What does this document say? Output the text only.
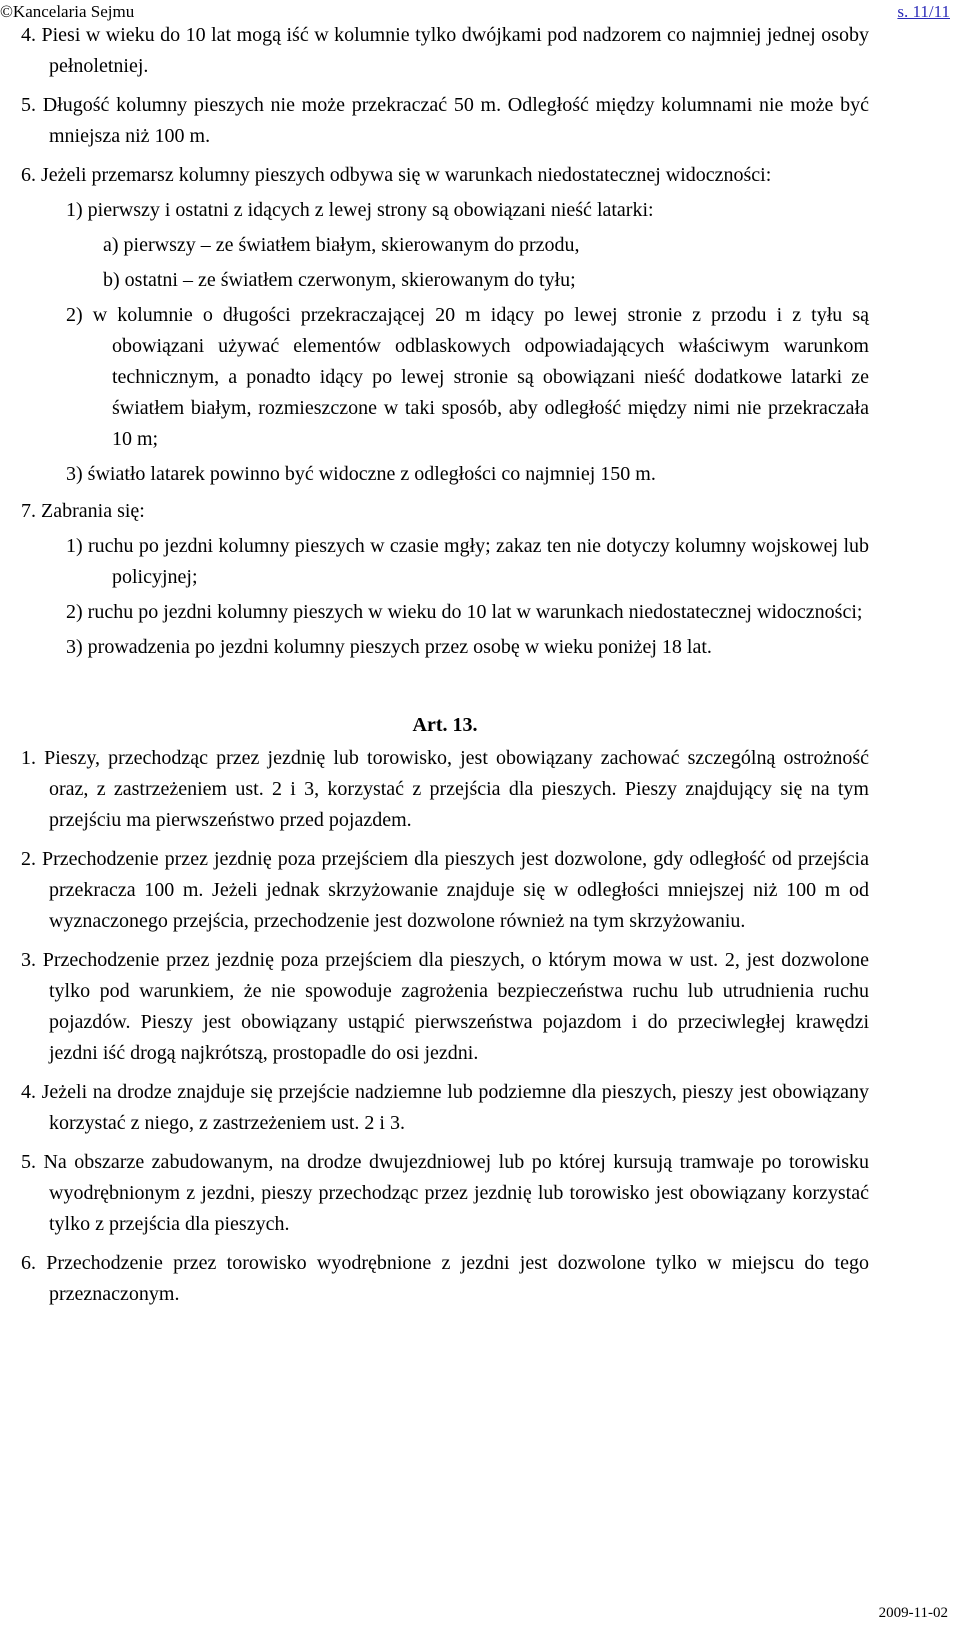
©Kancelaria Sejmu	s. 11/11

4. Piesi w wieku do 10 lat mogą iść w kolumnie tylko dwójkami pod nadzorem co najmniej jednej osoby pełnoletniej.

5. Długość kolumny pieszych nie może przekraczać 50 m. Odległość między kolumnami nie może być mniejsza niż 100 m.

6. Jeżeli przemarsz kolumny pieszych odbywa się w warunkach niedostatecznej widoczności:

1) pierwszy i ostatni z idących z lewej strony są obowiązani nieść latarki:

a) pierwszy – ze światłem białym, skierowanym do przodu,

b) ostatni – ze światłem czerwonym, skierowanym do tyłu;

2) w kolumnie o długości przekraczającej 20 m idący po lewej stronie z przodu i z tyłu są obowiązani używać elementów odblaskowych odpowiadających właściwym warunkom technicznym, a ponadto idący po lewej stronie są obowiązani nieść dodatkowe latarki ze światłem białym, rozmieszczone w taki sposób, aby odległość między nimi nie przekraczała 10 m;

3) światło latarek powinno być widoczne z odległości co najmniej 150 m.

7. Zabrania się:

1) ruchu po jezdni kolumny pieszych w czasie mgły; zakaz ten nie dotyczy kolumny wojskowej lub policyjnej;

2) ruchu po jezdni kolumny pieszych w wieku do 10 lat w warunkach niedostatecznej widoczności;

3) prowadzenia po jezdni kolumny pieszych przez osobę w wieku poniżej 18 lat.

Art. 13.

1. Pieszy, przechodząc przez jezdnię lub torowisko, jest obowiązany zachować szczególną ostrożność oraz, z zastrzeżeniem ust. 2 i 3, korzystać z przejścia dla pieszych. Pieszy znajdujący się na tym przejściu ma pierwszeństwo przed pojazdem.

2. Przechodzenie przez jezdnię poza przejściem dla pieszych jest dozwolone, gdy odległość od przejścia przekracza 100 m. Jeżeli jednak skrzyżowanie znajduje się w odległości mniejszej niż 100 m od wyznaczonego przejścia, przechodzenie jest dozwolone również na tym skrzyżowaniu.

3. Przechodzenie przez jezdnię poza przejściem dla pieszych, o którym mowa w ust. 2, jest dozwolone tylko pod warunkiem, że nie spowoduje zagrożenia bezpieczeństwa ruchu lub utrudnienia ruchu pojazdów. Pieszy jest obowiązany ustąpić pierwszeństwa pojazdom i do przeciwległej krawędzi jezdni iść drogą najkrótszą, prostopadle do osi jezdni.

4. Jeżeli na drodze znajduje się przejście nadziemne lub podziemne dla pieszych, pieszy jest obowiązany korzystać z niego, z zastrzeżeniem ust. 2 i 3.

5. Na obszarze zabudowanym, na drodze dwujezdniowej lub po której kursują tramwaje po torowisku wyodrębnionym z jezdni, pieszy przechodząc przez jezdnię lub torowisko jest obowiązany korzystać tylko z przejścia dla pieszych.

6. Przechodzenie przez torowisko wyodrębnione z jezdni jest dozwolone tylko w miejscu do tego przeznaczonym.

2009-11-02
